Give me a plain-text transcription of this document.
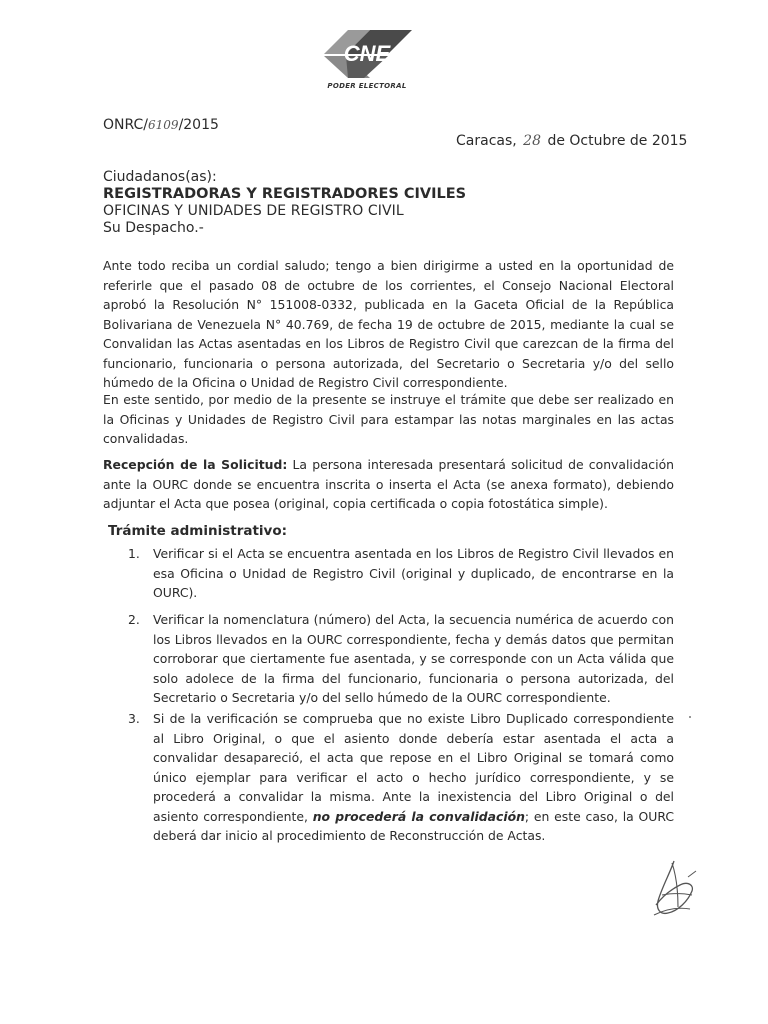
CNE
PODER ELECTORAL
ONRC/6109/2015
Caracas, 28 de Octubre de 2015
Ciudadanos(as):
REGISTRADORAS Y REGISTRADORES CIVILES
OFICINAS Y UNIDADES DE REGISTRO CIVIL
Su Despacho.-
Ante todo reciba un cordial saludo; tengo a bien dirigirme a usted en la oportunidad de referirle que el pasado 08 de octubre de los corrientes, el Consejo Nacional Electoral aprobó la Resolución N° 151008-0332, publicada en la Gaceta Oficial de la República Bolivariana de Venezuela N° 40.769, de fecha 19 de octubre de 2015, mediante la cual se Convalidan las Actas asentadas en los Libros de Registro Civil que carezcan de la firma del funcionario, funcionaria o persona autorizada, del Secretario o Secretaria y/o del sello húmedo de la Oficina o Unidad de Registro Civil correspondiente.
En este sentido, por medio de la presente se instruye el trámite que debe ser realizado en la Oficinas y Unidades de Registro Civil para estampar las notas marginales en las actas convalidadas.
Recepción de la Solicitud: La persona interesada presentará solicitud de convalidación ante la OURC donde se encuentra inscrita o inserta el Acta (se anexa formato), debiendo adjuntar el Acta que posea (original, copia certificada o copia fotostática simple).
Trámite administrativo:
1.	Verificar si el Acta se encuentra asentada en los Libros de Registro Civil llevados en esa Oficina o Unidad de Registro Civil (original y duplicado, de encontrarse en la OURC).
2.	Verificar la nomenclatura (número) del Acta, la secuencia numérica de acuerdo con los Libros llevados en la OURC correspondiente, fecha y demás datos que permitan corroborar que ciertamente fue asentada, y se corresponde con un Acta válida que solo adolece de la firma del funcionario, funcionaria o persona autorizada, del Secretario o Secretaria y/o del sello húmedo de la OURC correspondiente.
3.	Si de la verificación se comprueba que no existe Libro Duplicado correspondiente al Libro Original, o que el asiento donde debería estar asentada el acta a convalidar desapareció, el acta que repose en el Libro Original se tomará como único ejemplar para verificar el acto o hecho jurídico correspondiente, y se procederá a convalidar la misma. Ante la inexistencia del Libro Original o del asiento correspondiente, no procederá la convalidación; en este caso, la OURC deberá dar inicio al procedimiento de Reconstrucción de Actas.
